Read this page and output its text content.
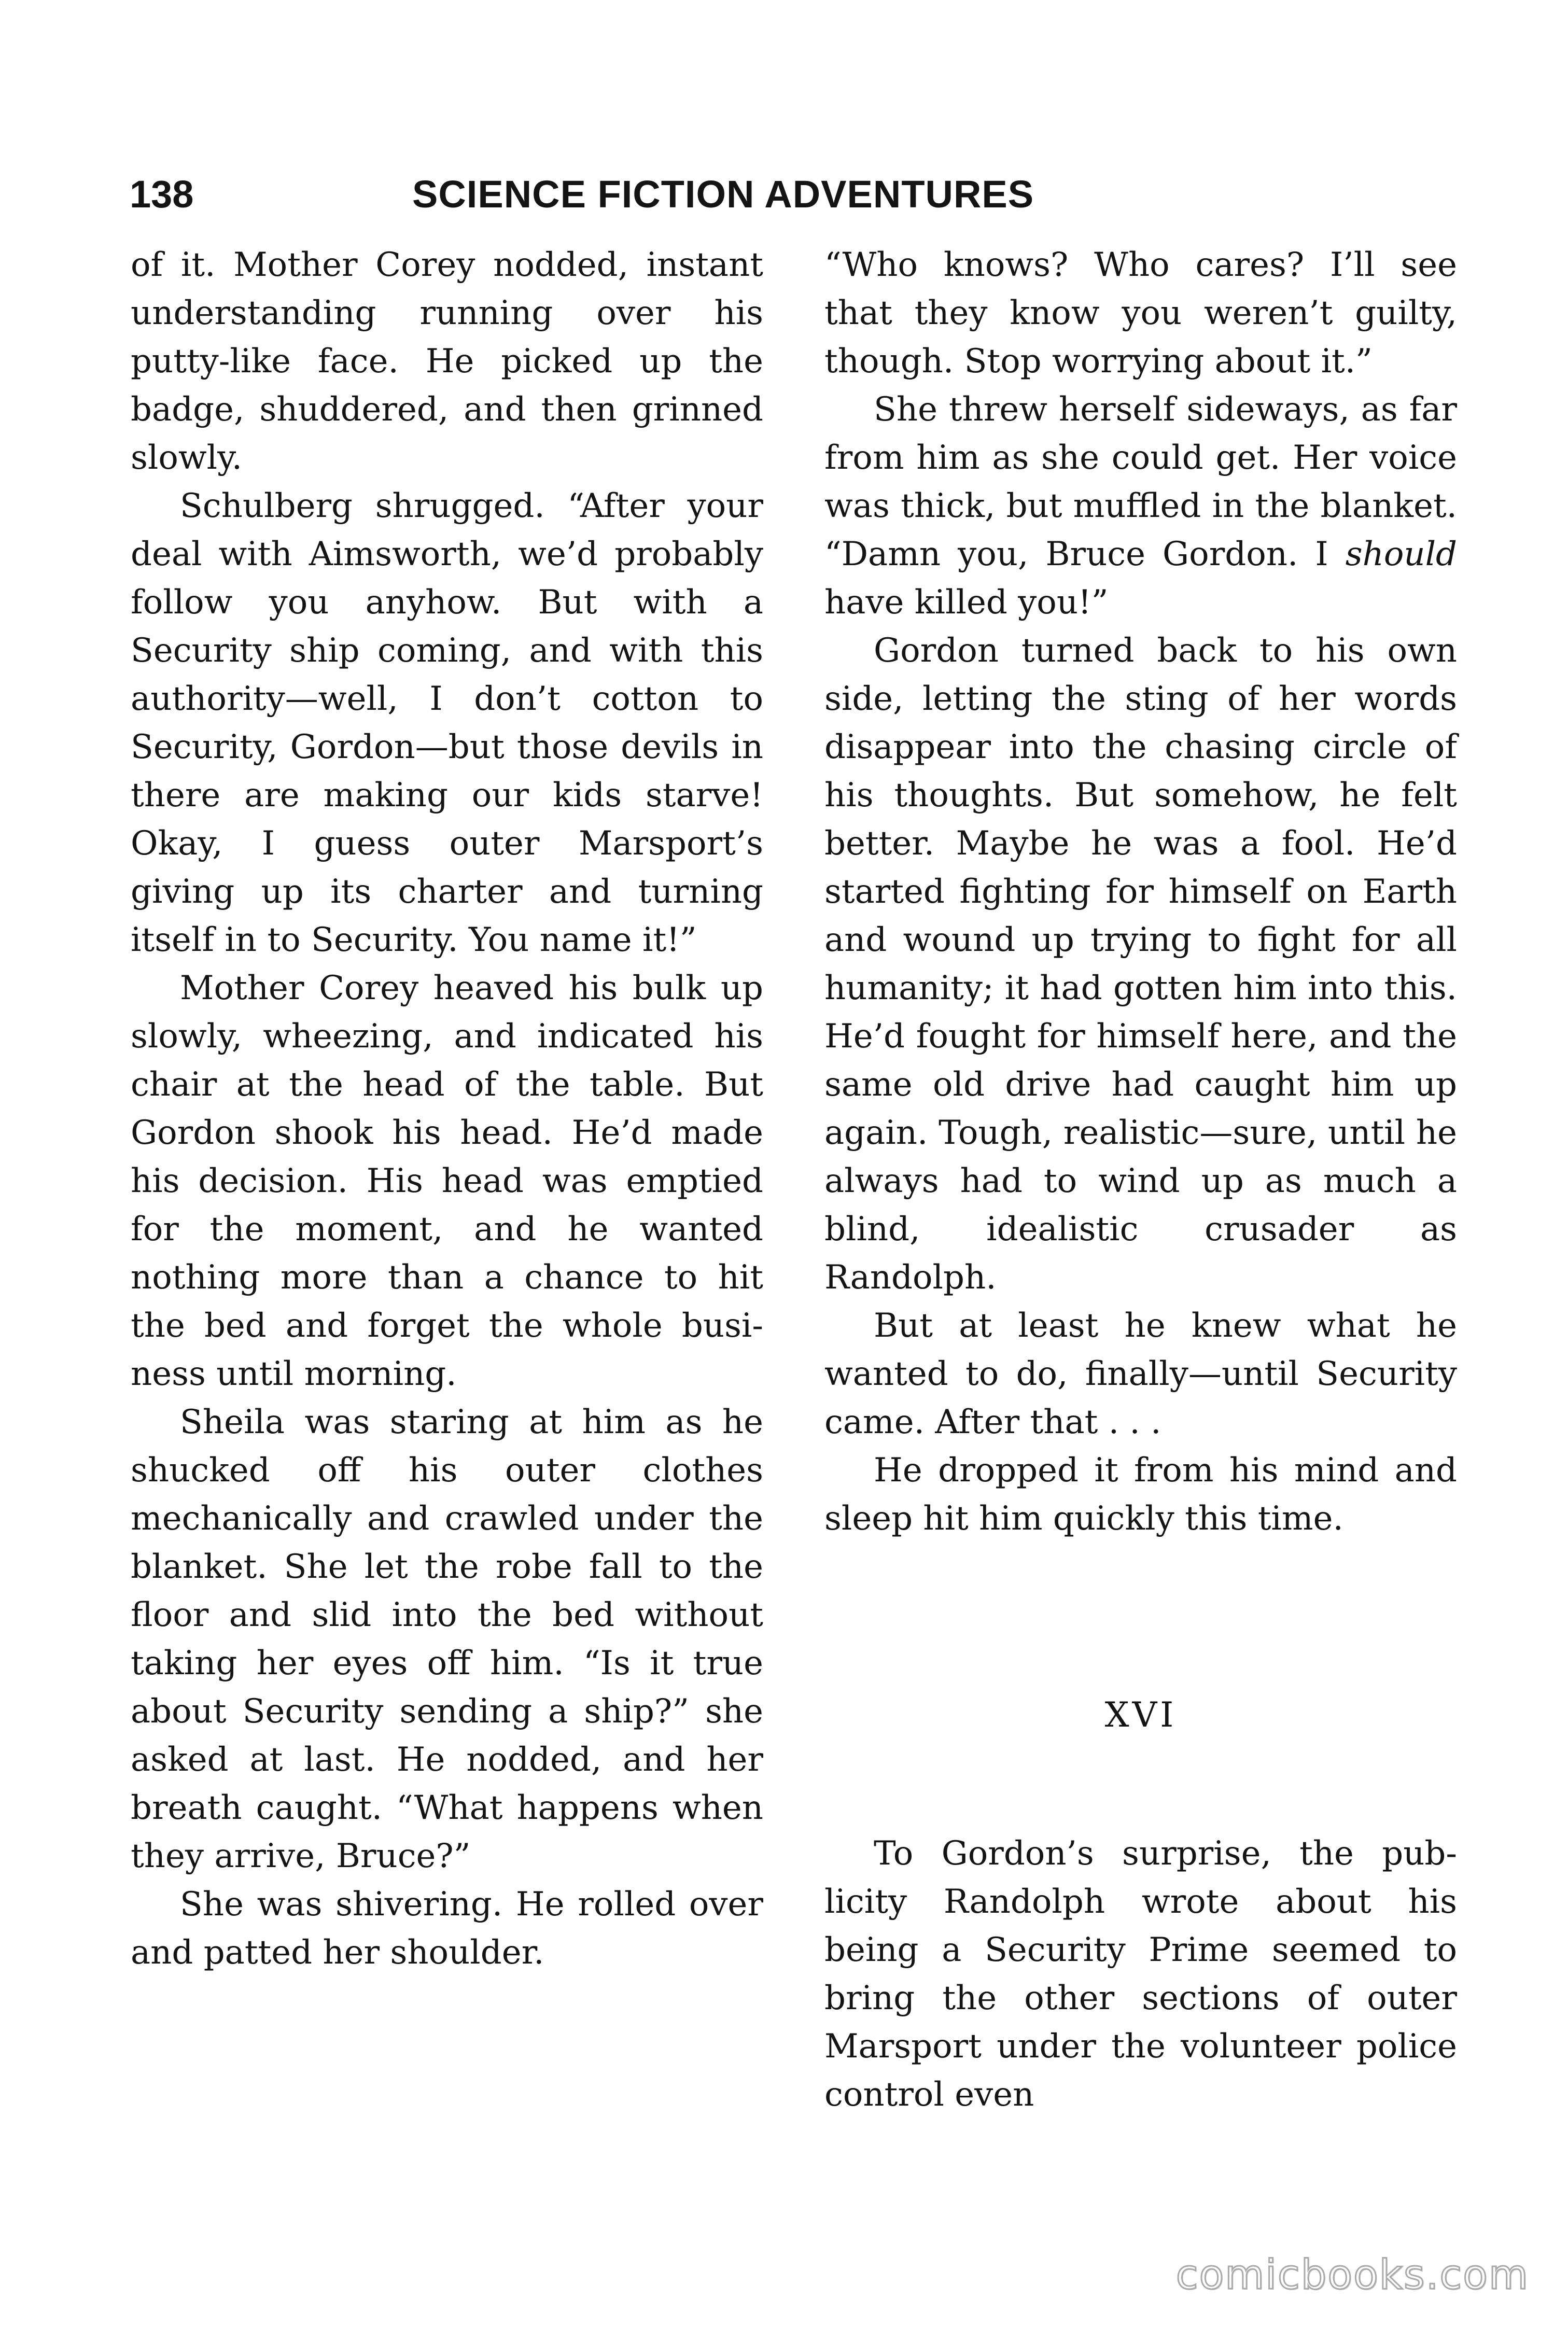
138	SCIENCE FICTION ADVENTURES

of it. Mother Corey nodded, instant understanding running over his putty-like face. He picked up the badge, shuddered, and then grinned slowly.

Schulberg shrugged. “After your deal with Aimsworth, we’d probably follow you anyhow. But with a Security ship coming, and with this authority—well, I don’t cotton to Security, Gordon—but those devils in there are making our kids starve! Okay, I guess outer Marsport’s giving up its charter and turning itself in to Security. You name it!”

Mother Corey heaved his bulk up slowly, wheezing, and indicated his chair at the head of the table. But Gordon shook his head. He’d made his decision. His head was emptied for the moment, and he wanted nothing more than a chance to hit the bed and forget the whole business until morning.

Sheila was staring at him as he shucked off his outer clothes mechanically and crawled under the blanket. She let the robe fall to the floor and slid into the bed without taking her eyes off him. “Is it true about Security sending a ship?” she asked at last. He nodded, and her breath caught. “What happens when they arrive, Bruce?”

She was shivering. He rolled over and patted her shoulder.

“Who knows? Who cares? I’ll see that they know you weren’t guilty, though. Stop worrying about it.”

She threw herself sideways, as far from him as she could get. Her voice was thick, but muffled in the blanket. “Damn you, Bruce Gordon. I should have killed you!”

Gordon turned back to his own side, letting the sting of her words disappear into the chasing circle of his thoughts. But somehow, he felt better. Maybe he was a fool. He’d started fighting for himself on Earth and wound up trying to fight for all humanity; it had gotten him into this. He’d fought for himself here, and the same old drive had caught him up again. Tough, realistic—sure, until he always had to wind up as much a blind, idealistic crusader as Randolph.

But at least he knew what he wanted to do, finally—until Security came. After that . . .

He dropped it from his mind and sleep hit him quickly this time.

XVI

To Gordon’s surprise, the publicity Randolph wrote about his being a Security Prime seemed to bring the other sections of outer Marsport under the volunteer police control even

comicbooks.com
